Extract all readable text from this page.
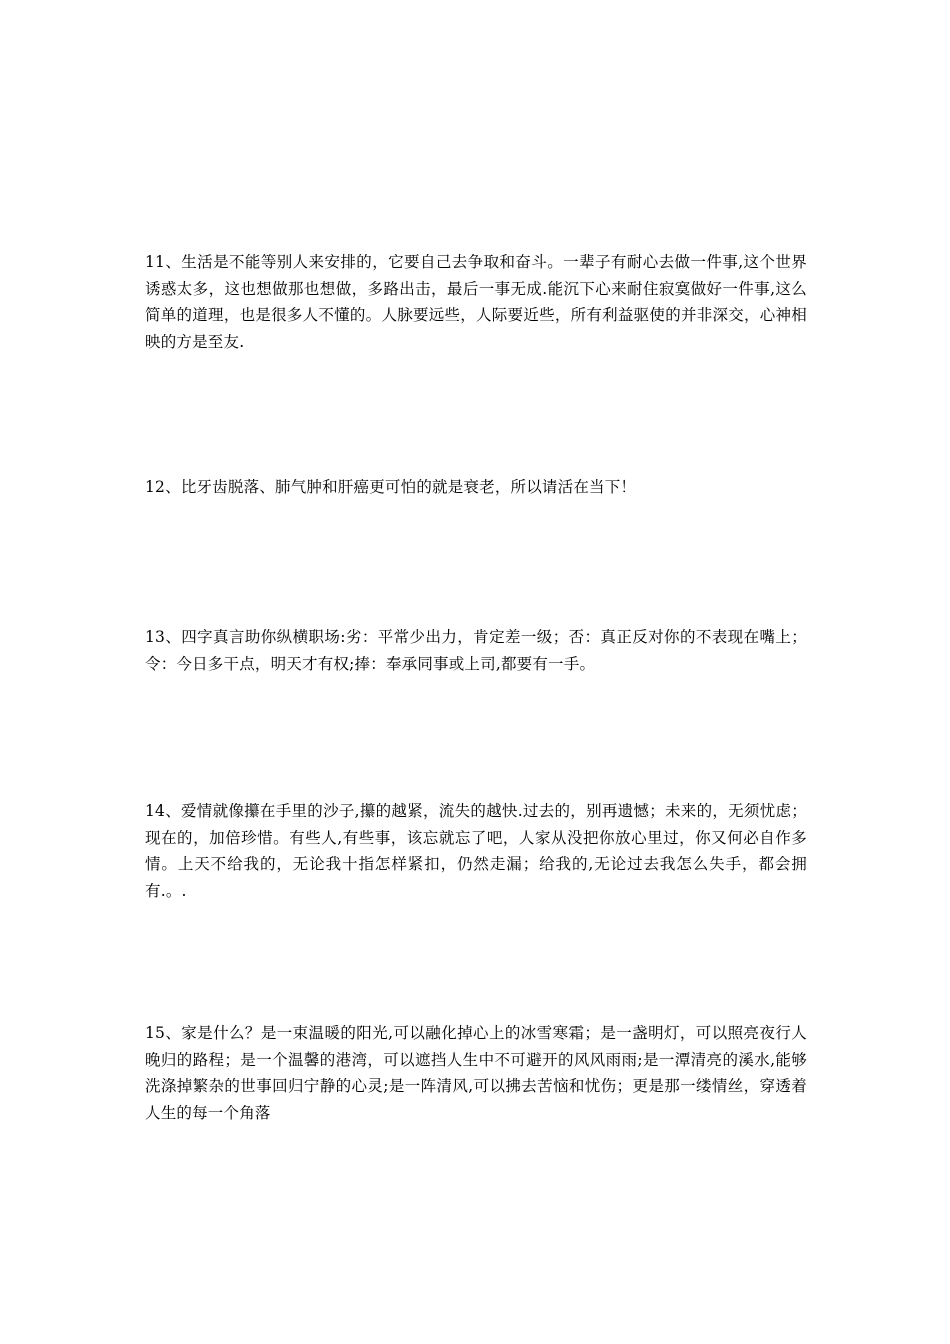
11、生活是不能等别人来安排的，它要自己去争取和奋斗。一辈子有耐心去做一件事,这个世界诱惑太多，这也想做那也想做，多路出击，最后一事无成.能沉下心来耐住寂寞做好一件事,这么简单的道理，也是很多人不懂的。人脉要远些，人际要近些，所有利益驱使的并非深交，心神相映的方是至友.

12、比牙齿脱落、肺气肿和肝癌更可怕的就是衰老，所以请活在当下！

13、四字真言助你纵横职场:劣：平常少出力，肯定差一级；否：真正反对你的不表现在嘴上；令：今日多干点，明天才有权;捧：奉承同事或上司,都要有一手。

14、爱情就像攥在手里的沙子,攥的越紧，流失的越快.过去的，别再遗憾；未来的，无须忧虑；现在的，加倍珍惜。有些人,有些事，该忘就忘了吧，人家从没把你放心里过，你又何必自作多情。上天不给我的，无论我十指怎样紧扣，仍然走漏；给我的,无论过去我怎么失手，都会拥有.。.

15、家是什么？是一束温暖的阳光,可以融化掉心上的冰雪寒霜；是一盏明灯，可以照亮夜行人晚归的路程；是一个温馨的港湾，可以遮挡人生中不可避开的风风雨雨;是一潭清亮的溪水,能够洗涤掉繁杂的世事回归宁静的心灵;是一阵清风,可以拂去苦恼和忧伤；更是那一缕情丝，穿透着人生的每一个角落
